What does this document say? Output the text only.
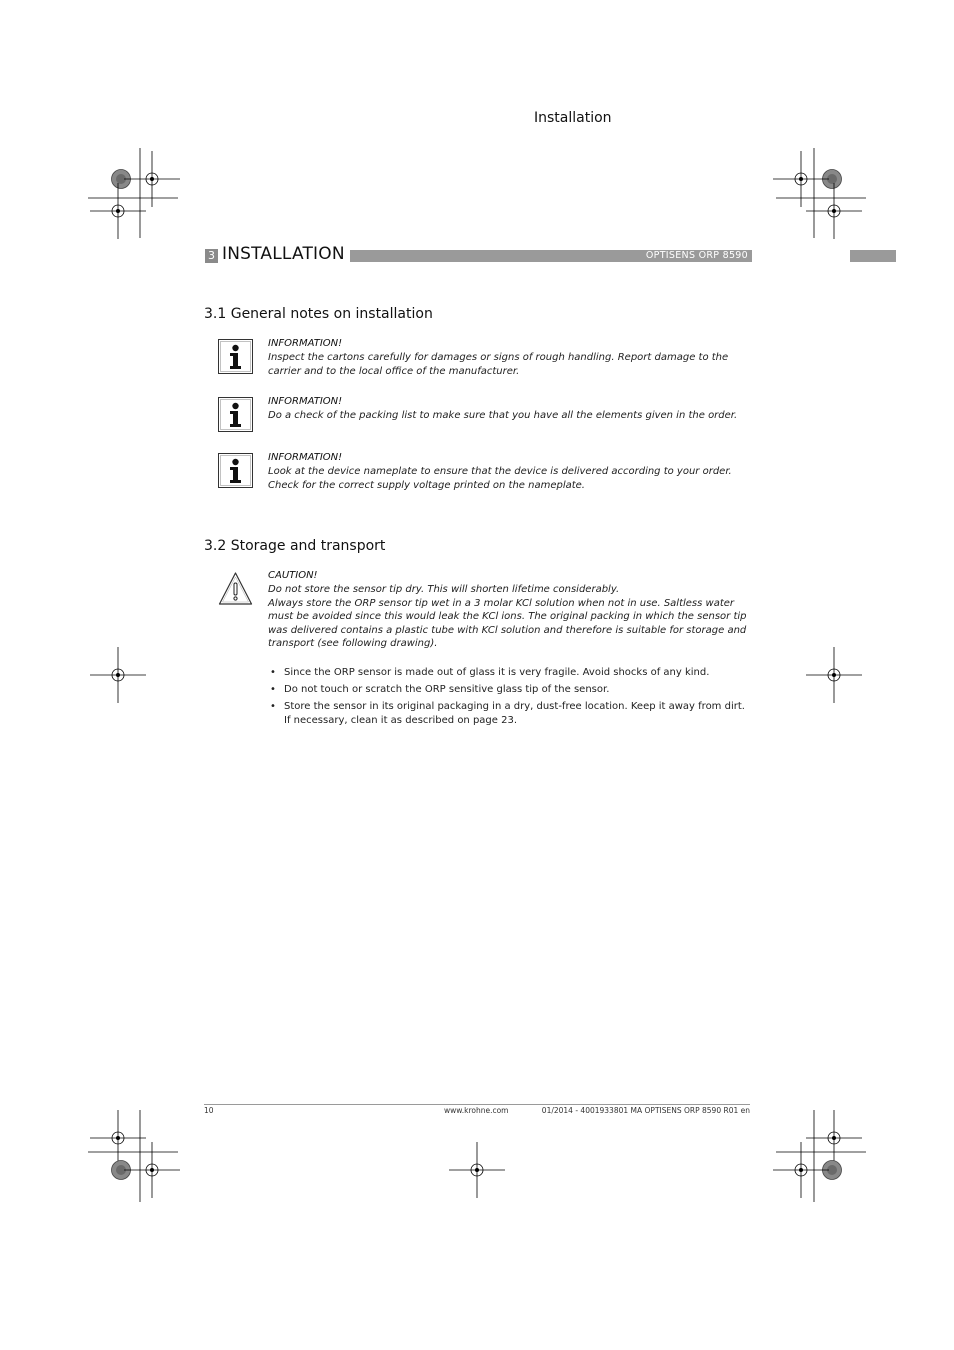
Installation
3 INSTALLATION	OPTISENS ORP 8590
3.1 General notes on installation
INFORMATION!

Inspect the cartons carefully for damages or signs of rough handling. Report damage to the

carrier and to the local office of the manufacturer.

INFORMATION!

Do a check of the packing list to make sure that you have all the elements given in the order.

INFORMATION!

Look at the device nameplate to ensure that the device is delivered according to your order.

Check for the correct supply voltage printed on the nameplate.

3.2 Storage and transport
CAUTION!

Do not store the sensor tip dry. This will shorten lifetime considerably.

Always store the ORP sensor tip wet in a 3 molar KCl solution when not in use. Saltless water

must be avoided since this would leak the KCl ions. The original packing in which the sensor tip

was delivered contains a plastic tube with KCl solution and therefore is suitable for storage and

transport (see following drawing).

• Since the ORP sensor is made out of glass it is very fragile. Avoid shocks of any kind.
• Do not touch or scratch the ORP sensitive glass tip of the sensor.
• Store the sensor in its original packaging in a dry, dust-free location. Keep it away from dirt. If necessary, clean it as described on page 23.
10	www.krohne.com	01/2014 - 4001933801 MA OPTISENS ORP 8590 R01 en
